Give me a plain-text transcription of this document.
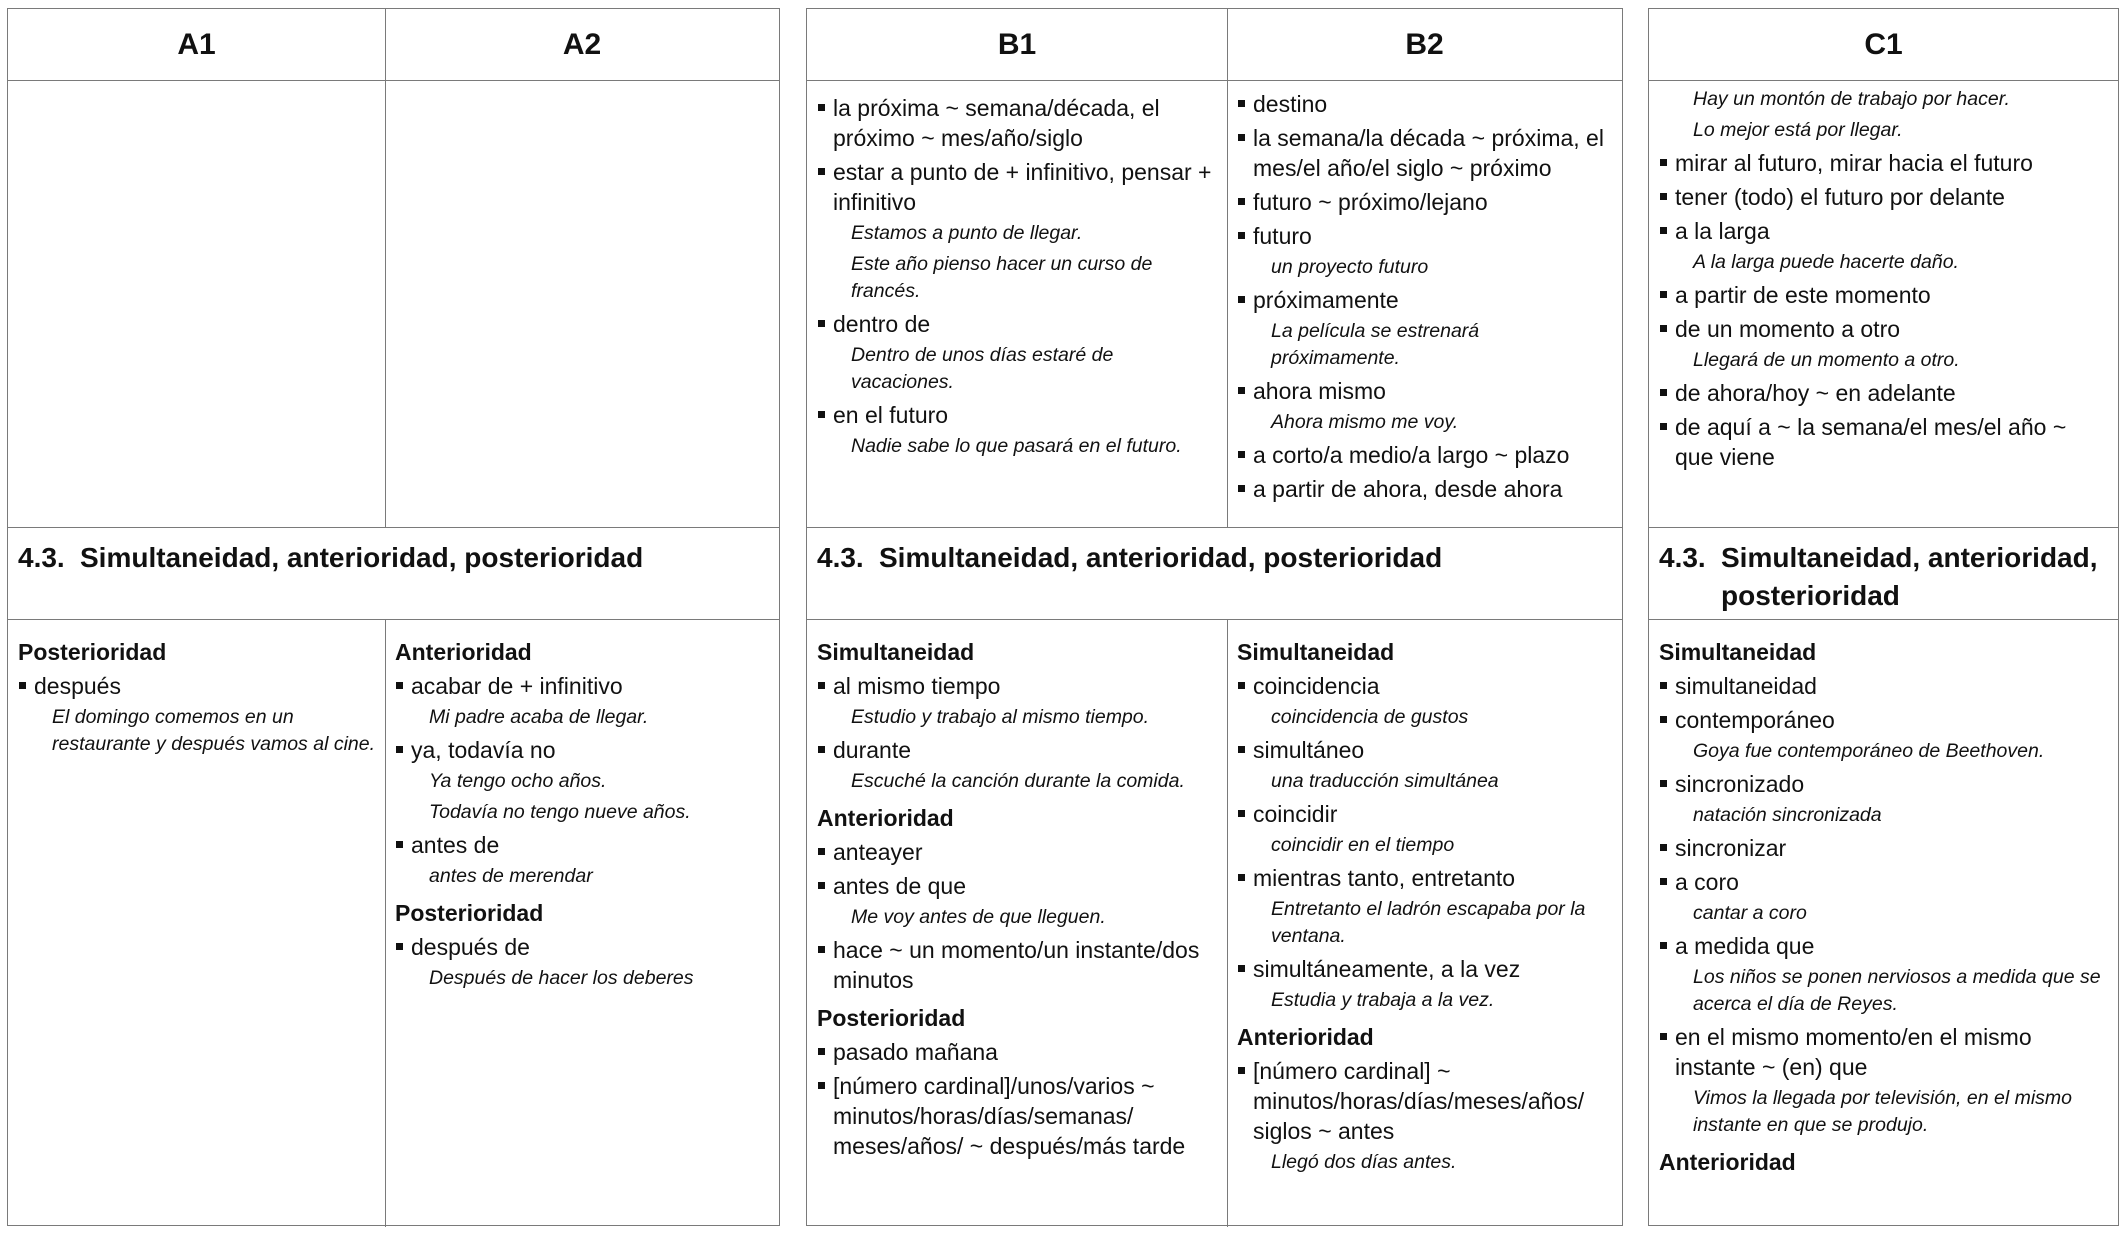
A1	A2
4.3. Simultaneidad, anterioridad, posterioridad
Posterioridad
después
El domingo comemos en un restaurante y después vamos al cine.
Anterioridad
acabar de + infinitivo
Mi padre acaba de llegar.
ya, todavía no
Ya tengo ocho años.
Todavía no tengo nueve años.
antes de
antes de merendar
Posterioridad
después de
Después de hacer los deberes
B1	B2
la próxima ~ semana/década, el próximo ~ mes/año/siglo
estar a punto de + infinitivo, pensar + infinitivo
Estamos a punto de llegar.
Este año pienso hacer un curso de francés.
dentro de
Dentro de unos días estaré de vacaciones.
en el futuro
Nadie sabe lo que pasará en el futuro.
destino
la semana/la década ~ próxima, el mes/el año/el siglo ~ próximo
futuro ~ próximo/lejano
futuro
un proyecto futuro
próximamente
La película se estrenará próximamente.
ahora mismo
Ahora mismo me voy.
a corto/a medio/a largo ~ plazo
a partir de ahora, desde ahora
4.3. Simultaneidad, anterioridad, posterioridad
Simultaneidad
al mismo tiempo
Estudio y trabajo al mismo tiempo.
durante
Escuché la canción durante la comida.
Anterioridad
anteayer
antes de que
Me voy antes de que lleguen.
hace ~ un momento/un instante/dos minutos
Posterioridad
pasado mañana
[número cardinal]/unos/varios ~ minutos/horas/días/semanas/ meses/años/ ~ después/más tarde
Simultaneidad
coincidencia
coincidencia de gustos
simultáneo
una traducción simultánea
coincidir
coincidir en el tiempo
mientras tanto, entretanto
Entretanto el ladrón escapaba por la ventana.
simultáneamente, a la vez
Estudia y trabaja a la vez.
Anterioridad
[número cardinal] ~ minutos/horas/días/meses/años/ siglos ~ antes
Llegó dos días antes.
C1
Hay un montón de trabajo por hacer.
Lo mejor está por llegar.
mirar al futuro, mirar hacia el futuro
tener (todo) el futuro por delante
a la larga
A la larga puede hacerte daño.
a partir de este momento
de un momento a otro
Llegará de un momento a otro.
de ahora/hoy ~ en adelante
de aquí a ~ la semana/el mes/el año ~ que viene
4.3. Simultaneidad, anterioridad,
posterioridad
Simultaneidad
simultaneidad
contemporáneo
Goya fue contemporáneo de Beethoven.
sincronizado
natación sincronizada
sincronizar
a coro
cantar a coro
a medida que
Los niños se ponen nerviosos a medida que se acerca el día de Reyes.
en el mismo momento/en el mismo instante ~ (en) que
Vimos la llegada por televisión, en el mismo instante en que se produjo.
Anterioridad
